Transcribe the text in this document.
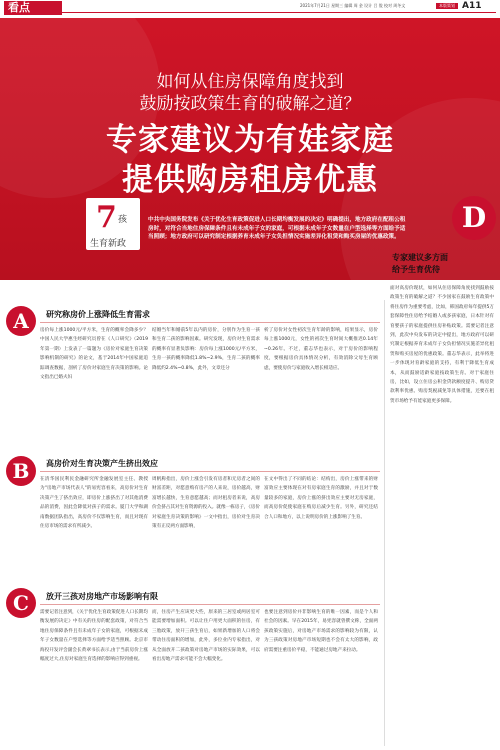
看点	2021年7月21日 星期三 编辑 周 金 设计 吕 俊 校对 周冬文	本版策划 A11
如何从住房保障角度找到
鼓励按政策生育的破解之道？
专家建议为有娃家庭
提供购房租房优惠
中共中央国务院发布《关于优化生育政策促进人口长期均衡发展的决定》明确提出，地方政府在配租公租房时，对符合当地住房保障条件且有未成年子女的家庭，可根据未成年子女数量在户型选择等方面给予适当照顾；地方政府可以研究制定根据养育未成年子女负担情况实施差异化租赁和购买房屋的优惠政策。
7 孩
生育新政
A	研究称房价上涨降低生育需求
房价每上涨1000元/平方米，生育的概率会降多少？中国人民大学惠生经研究员曾在《人口研究》（2019年第一期）上发表了一篇题为《房价对家庭生育决策影响机制的研究》的论文，基于2014年中国家庭追踪调查数据，剖析了房价对家庭生育决策的影响。论文指出已婚夫妇
结婚当年和婚前5年以内的房价，分别作为生育一孩和生育二孩的影响因素。研究发现，房价对生育需求的概率有显著负影响：房价每上涨1000元/平方米，生育一孩的概率降低1.8%~2.9%，生育二孩的概率降低约2.4%~0.8%，此外，文章还分
析了房价对女性初次生育年龄的影响，结果显示，房价每上涨1000元，女性的初次生育时间大概推迟0.14年~0.26年。不过，董志华也表示，对于房价的影响程度，要根据房价具体情况分析，有效消除父母生育顾虑，要使房价与家庭收入增长相适应。
B	高房价对生育决策产生挤出效应
在清华国民利民金融研究所金融发展室主任、教授为"房地产市场代表人"的易宪容看来，高房价对生育决策产生了挤出效应，即房价上涨挤出了对其他消费品的消费，因此会降低对孩子的需求。厦门大学和湖南数据团队指出，高房价不仅影响生育，而且对现有住房市场的需求有所减少。
周帆称指出，房价上涨会引发有房者和无房者之间的财富差距，对愿意购有房产的人来说，房价越高，财富增长越快，生育意愿越高；而对租房者来说，高房价会挤占其对生育资源的投入。就像一栋房子，《房价对家庭生育决策的影响》一文中指出，房价对生育决策有正反两方面影响，
在文中得出了不同的结论：结构出，房价上涨带来的财富效应主要体现在对有房家庭生育的激励，并且对于数量较多的家庭，房价上涨的挤出效应主要对无房家庭，而高房价促使家庭在购房后减少生育。另外，研究还结合人口和地方，以上说明房价的上涨影响了生育。
C	放开三孩对房地产市场影响有限
需要记者注意到，《关于优化生育政策促进人口长期均衡发展的决定》中有关的住房的配套政策，对符合当地住房保障条件且有未成年子女的家庭，可根据未成年子女数量在户型选择等方面给予适当照顾。北京市海投开发评会副会长黄翠书长表示,由于当前房价上涨幅度过大,住房对家庭生育选择的影响应得到重视。
而，住房产生应该更大些，原来的三居室或两居室可能需要增加面积。可以让住户用更大面积的住房，有三胎政策，放开三孩生育后，如果新增加的人口将会带动住房面积的增加，此外，多位业内专家指出，对从全面放开二孩政策对房地产市场的实际效果，可以看出房地产需求可能不会大幅变化。
也要注意到房价并非影响生育的唯一因素，而是个人和社会的因素。早在2015年，易宪容就曾撰文称，全面两孩政策实施后，对房地产市场需求的影响较为有限，认为三孩政策对房地产市场短期也不会有太大的影响，政府需要注重房价平稳，不能通过房地产来拉动。
D
专家建议多方面
给予生育优待
面对高房价现状，如何从住房保障角度找到鼓励按政策生育的破解之道？不少国家在鼓励生育政策中将住房作为重要考虑，比如，韩国政府每年提供5万套保障性住房给予结婚人或多孩家庭，日本针对有育婴孩子的家庭提供住房补贴政策。需要记者注意到，此次中央发布的决定中提出，地方政府可以研究制定根据养育未成年子女负担情况实施差异化租赁和购买房屋的优惠政策。董志华表示，此举将进一步体现对育龄家庭的支持，有利于降低生育成本，从而鼓励适龄家庭按政策生育。对于家庭住房，比如，设立住房公积金贷款额度提升、购房贷款利率优惠、购房契税减免等具体措施，还要在租赁市场给予有娃家庭更多保障。
